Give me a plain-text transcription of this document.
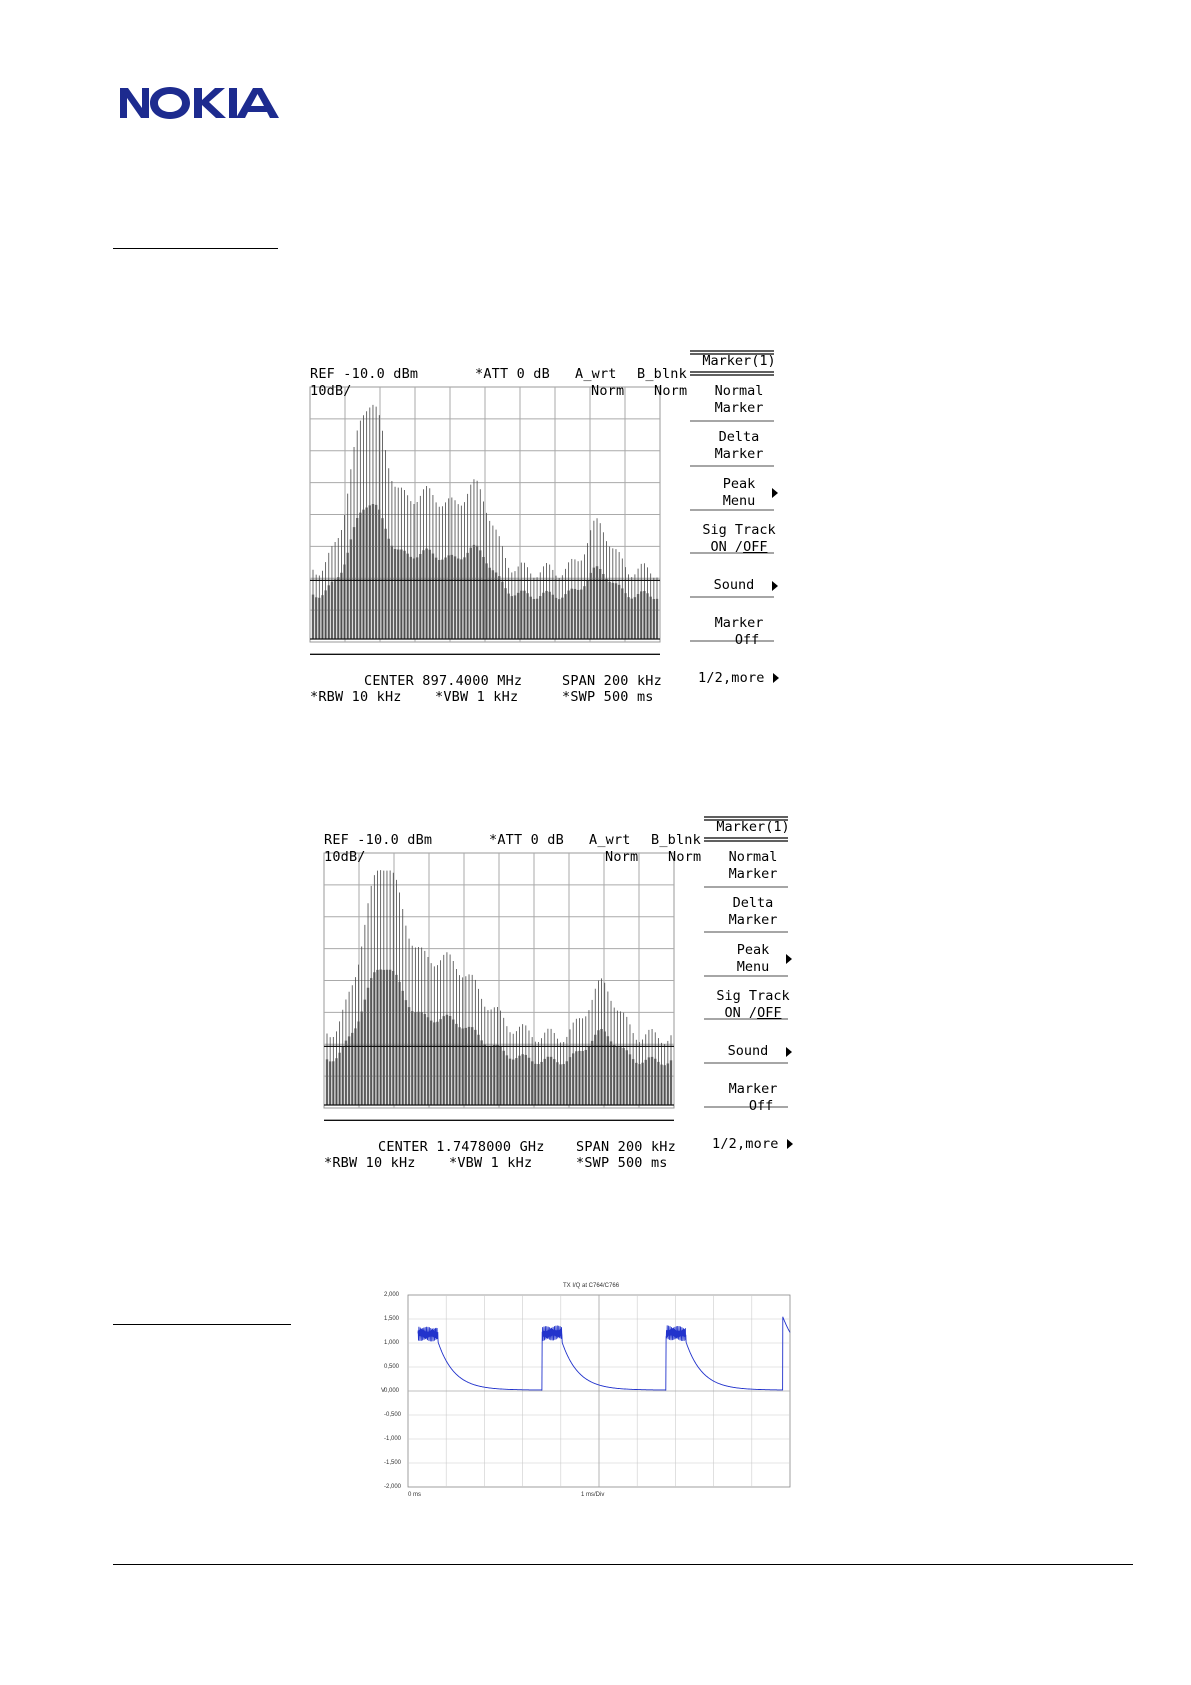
REF -10.0 dBm	*ATT 0 dB A_wrt B_blnk
10dB/	Norm Norm
CENTER 897.4000 MHz	SPAN 200 kHz
*RBW 10 kHz *VBW 1 kHz	*SWP 500 ms
Marker(1)
Normal
Marker
Delta
Marker
Peak
Menu
Sig Track
ON /OFF
Sound
Marker
Off
1/2,more
REF -10.0 dBm	*ATT 0 dB A_wrt B_blnk
10dB/	Norm Norm
CENTER 1.7478000 GHz SPAN 200 kHz
*RBW 10 kHz *VBW 1 kHz	*SWP 500 ms
Marker(1)
Normal
Marker
Delta
Marker
Peak
Menu
Sig Track
ON /OFF
Sound
Marker
Off
1/2,more
TX I/Q at C764/C766
V
0 ms	1 ms/Div
2,000
1,500
1,000
0,500
0,000
-0,500
-1,000
-1,500
-2,000
